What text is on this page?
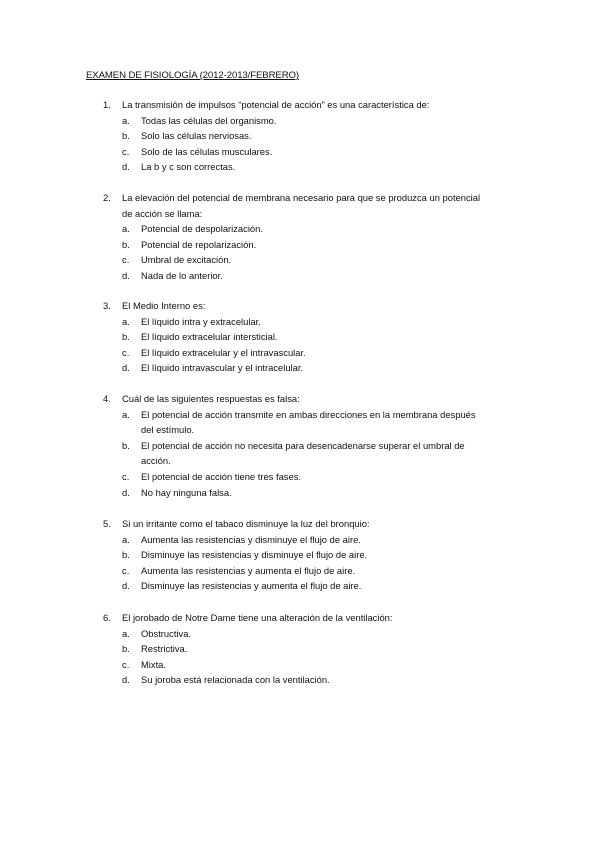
EXAMEN DE FISIOLOGÍA (2012-2013/FEBRERO)
1. La transmisión de impulsos “potencial de acción” es una característica de:
a. Todas las células del organismo.
b. Solo las células nerviosas.
c. Solo de las células musculares.
d. La b y c son correctas.
2. La elevación del potencial de membrana necesario para que se produzca un potencial
de acción se llama:
a. Potencial de despolarización.
b. Potencial de repolarización.
c. Umbral de excitación.
d. Nada de lo anterior.
3. El Medio Interno es:
a. El líquido intra y extracelular.
b. El líquido extracelular intersticial.
c. El líquido extracelular y el intravascular.
d. El líquido intravascular y el intracelular.
4. Cuál de las siguientes respuestas es falsa:
a. El potencial de acción transmite en ambas direcciones en la membrana después
del estímulo.
b. El potencial de acción no necesita para desencadenarse superar el umbral de
acción.
c. El potencial de acción tiene tres fases.
d. No hay ninguna falsa.
5. Si un irritante como el tabaco disminuye la luz del bronquio:
a. Aumenta las resistencias y disminuye el flujo de aire.
b. Disminuye las resistencias y disminuye el flujo de aire.
c. Aumenta las resistencias y aumenta el flujo de aire.
d. Disminuye las resistencias y aumenta el flujo de aire.
6. El jorobado de Notre Dame tiene una alteración de la ventilación:
a. Obstructiva.
b. Restrictiva.
c. Mixta.
d. Su joroba está relacionada con la ventilación.
